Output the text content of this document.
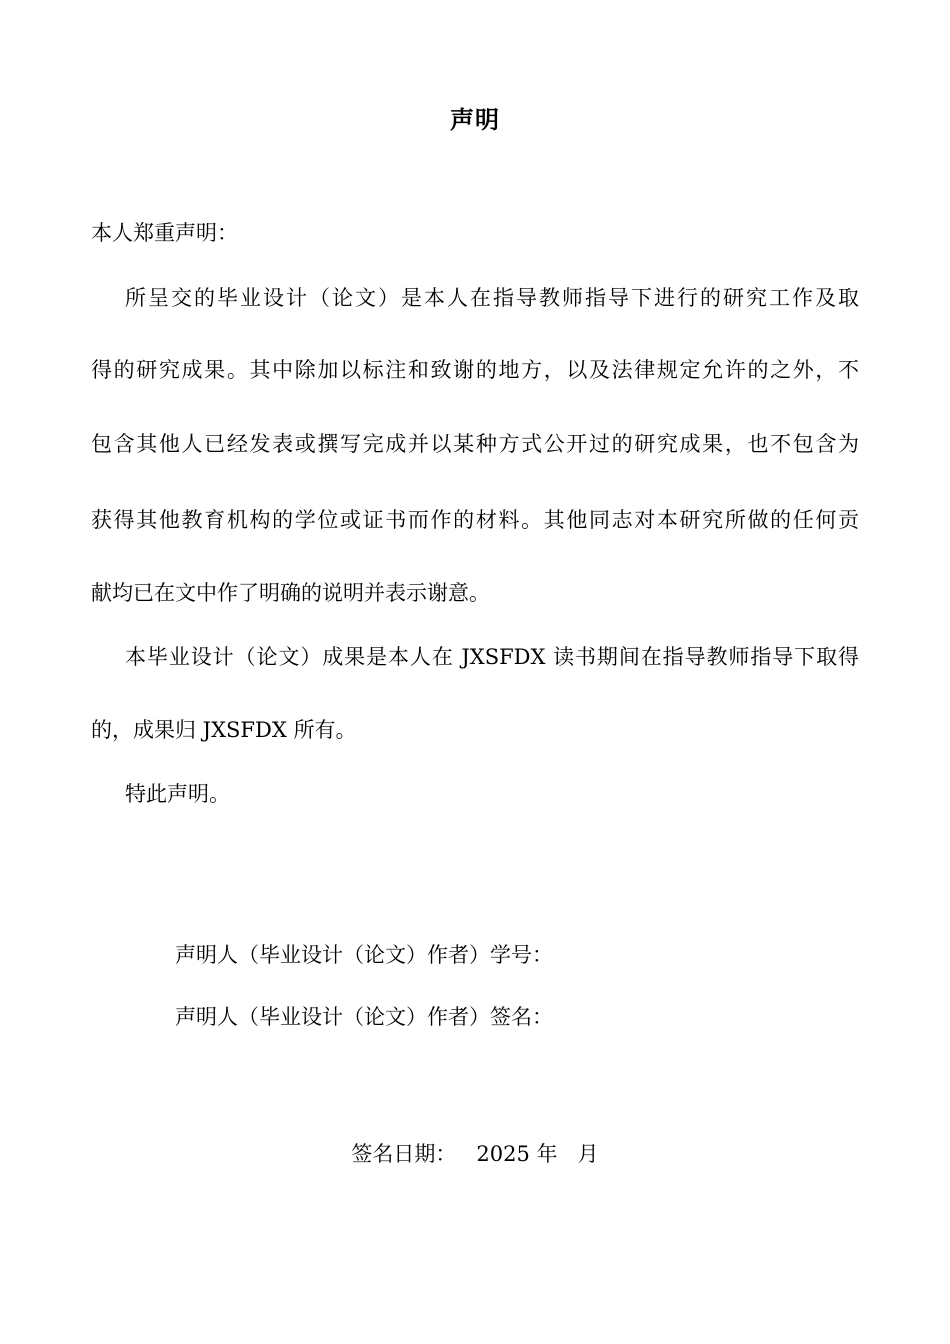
声明
本人郑重声明：
所呈交的毕业设计（论文）是本人在指导教师指导下进行的研究工作及取
得的研究成果。其中除加以标注和致谢的地方，以及法律规定允许的之外，不
包含其他人已经发表或撰写完成并以某种方式公开过的研究成果，也不包含为
获得其他教育机构的学位或证书而作的材料。其他同志对本研究所做的任何贡
献均已在文中作了明确的说明并表示谢意。
本毕业设计（论文）成果是本人在 JXSFDX 读书期间在指导教师指导下取得
的，成果归 JXSFDX 所有。
特此声明。
声明人（毕业设计（论文）作者）学号：
声明人（毕业设计（论文）作者）签名：
签名日期：   2025 年   月
